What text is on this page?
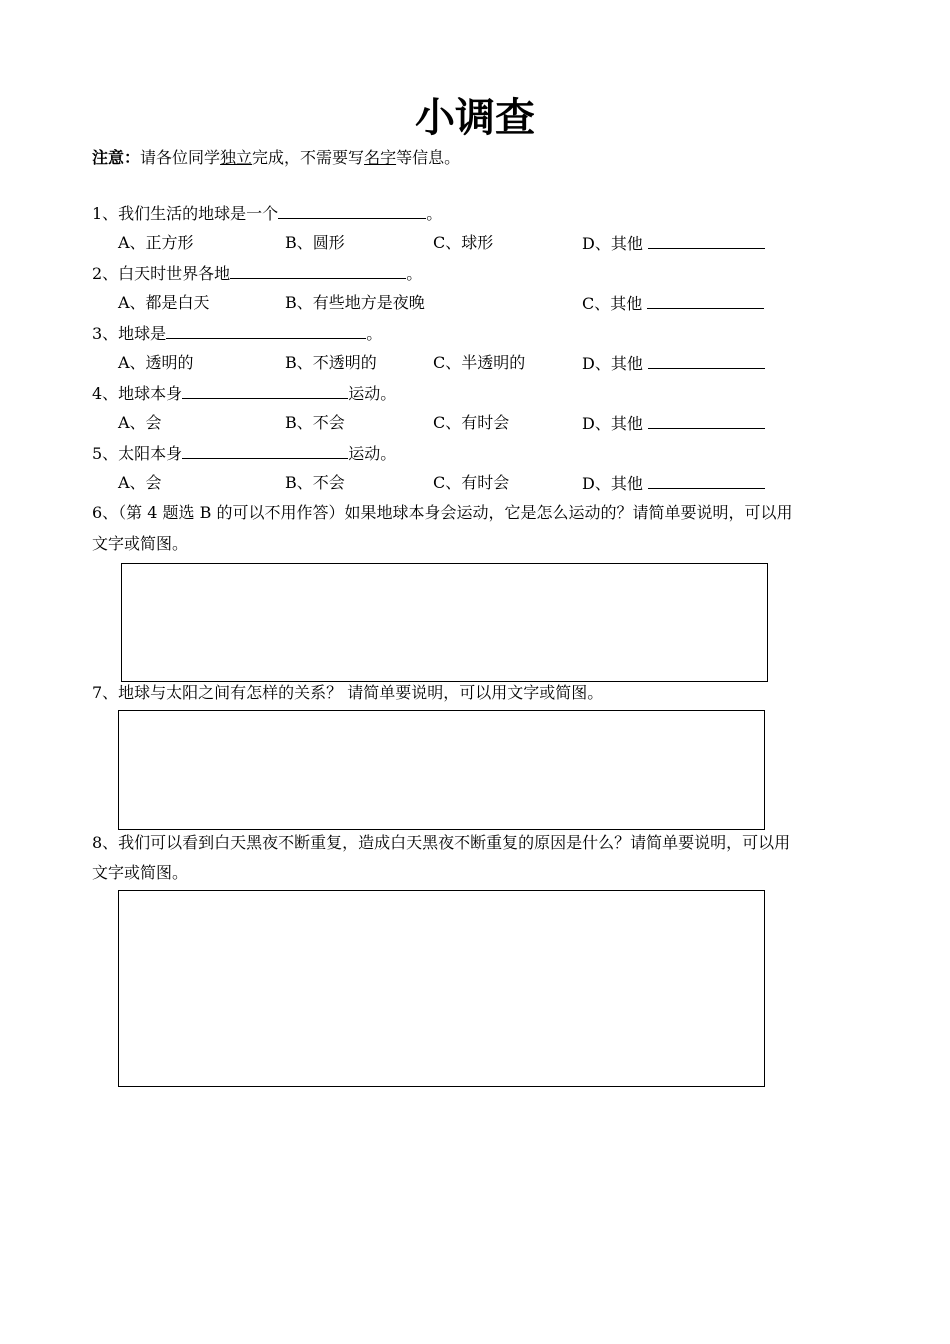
小调查
注意：请各位同学独立完成，不需要写名字等信息。
1、我们生活的地球是一个	。
A、正方形	B、圆形	C、球形	D、其他
2、白天时世界各地	。
A、都是白天	B、有些地方是夜晚	C、其他
3、地球是	。
A、透明的	B、不透明的	C、半透明的	D、其他
4、地球本身	运动。
A、会	B、不会	C、有时会	D、其他
5、太阳本身	运动。
A、会	B、不会	C、有时会	D、其他
6、（第 4 题选 B 的可以不用作答）如果地球本身会运动，它是怎么运动的？请简单要说明，可以用
文字或简图。
7、地球与太阳之间有怎样的关系？ 请简单要说明，可以用文字或简图。
8、我们可以看到白天黑夜不断重复，造成白天黑夜不断重复的原因是什么？请简单要说明，可以用
文字或简图。
